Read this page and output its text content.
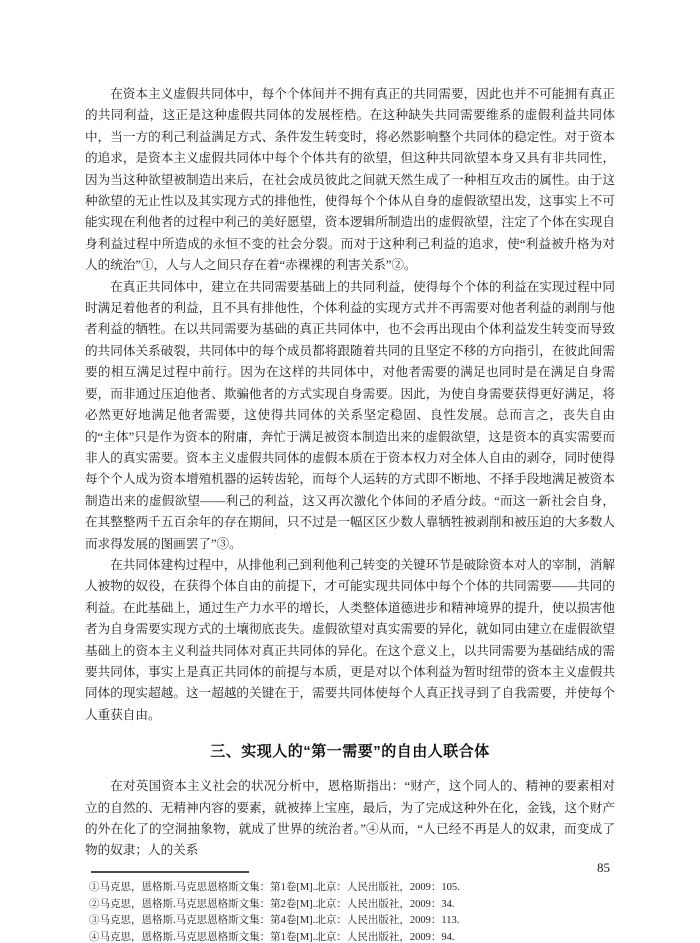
在资本主义虚假共同体中，每个个体间并不拥有真正的共同需要，因此也并不可能拥有真正的共同利益，这正是这种虚假共同体的发展桎梏。在这种缺失共同需要维系的虚假利益共同体中，当一方的利己利益满足方式、条件发生转变时，将必然影响整个共同体的稳定性。对于资本的追求，是资本主义虚假共同体中每个个体共有的欲望，但这种共同欲望本身又具有非共同性，因为当这种欲望被制造出来后，在社会成员彼此之间就天然生成了一种相互攻击的属性。由于这种欲望的无止性以及其实现方式的排他性，使得每个个体从自身的虚假欲望出发，这事实上不可能实现在利他者的过程中利己的美好愿望，资本逻辑所制造出的虚假欲望，注定了个体在实现自身利益过程中所造成的永恒不变的社会分裂。而对于这种利己利益的追求，使“利益被升格为对人的统治”①，人与人之间只存在着“赤裸裸的利害关系”②。

在真正共同体中，建立在共同需要基础上的共同利益，使得每个个体的利益在实现过程中同时满足着他者的利益，且不具有排他性，个体利益的实现方式并不再需要对他者利益的剥削与他者利益的牺牲。在以共同需要为基础的真正共同体中，也不会再出现由个体利益发生转变而导致的共同体关系破裂，共同体中的每个成员都将跟随着共同的且坚定不移的方向指引，在彼此间需要的相互满足过程中前行。因为在这样的共同体中，对他者需要的满足也同时是在满足自身需要，而非通过压迫他者、欺骗他者的方式实现自身需要。因此，为使自身需要获得更好满足，将必然更好地满足他者需要，这使得共同体的关系坚定稳固、良性发展。总而言之，丧失自由的“主体”只是作为资本的附庸，奔忙于满足被资本制造出来的虚假欲望，这是资本的真实需要而非人的真实需要。资本主义虚假共同体的虚假本质在于资本权力对全体人自由的剥夺，同时使得每个个人成为资本增殖机器的运转齿轮，而每个人运转的方式即不断地、不择手段地满足被资本制造出来的虚假欲望——利己的利益，这又再次激化个体间的矛盾分歧。“而这一新社会自身，在其整整两千五百余年的存在期间，只不过是一幅区区少数人靠牺牲被剥削和被压迫的大多数人而求得发展的图画罢了”③。

在共同体建构过程中，从排他利己到利他利己转变的关键环节是破除资本对人的宰制，消解人被物的奴役，在获得个体自由的前提下，才可能实现共同体中每个个体的共同需要——共同的利益。在此基础上，通过生产力水平的增长，人类整体道德进步和精神境界的提升，使以损害他者为自身需要实现方式的土壤彻底丧失。虚假欲望对真实需要的异化，就如同由建立在虚假欲望基础上的资本主义利益共同体对真正共同体的异化。在这个意义上，以共同需要为基础结成的需要共同体，事实上是真正共同体的前提与本质，更是对以个体利益为暂时纽带的资本主义虚假共同体的现实超越。这一超越的关键在于，需要共同体使每个人真正找寻到了自我需要，并使每个人重获自由。

三、实现人的“第一需要”的自由人联合体

在对英国资本主义社会的状况分析中，恩格斯指出：“财产，这个同人的、精神的要素相对立的自然的、无精神内容的要素，就被捧上宝座，最后，为了完成这种外在化，金钱，这个财产的外在化了的空洞抽象物，就成了世界的统治者。”④从而，“人已经不再是人的奴隶，而变成了物的奴隶；人的关系

①马克思，恩格斯.马克思恩格斯文集：第1卷[M].北京：人民出版社，2009：105.

②马克思，恩格斯.马克思恩格斯文集：第2卷[M].北京：人民出版社，2009：34.

③马克思，恩格斯.马克思恩格斯文集：第4卷[M].北京：人民出版社，2009：113.

④马克思，恩格斯.马克思恩格斯文集：第1卷[M].北京：人民出版社，2009：94.

85
